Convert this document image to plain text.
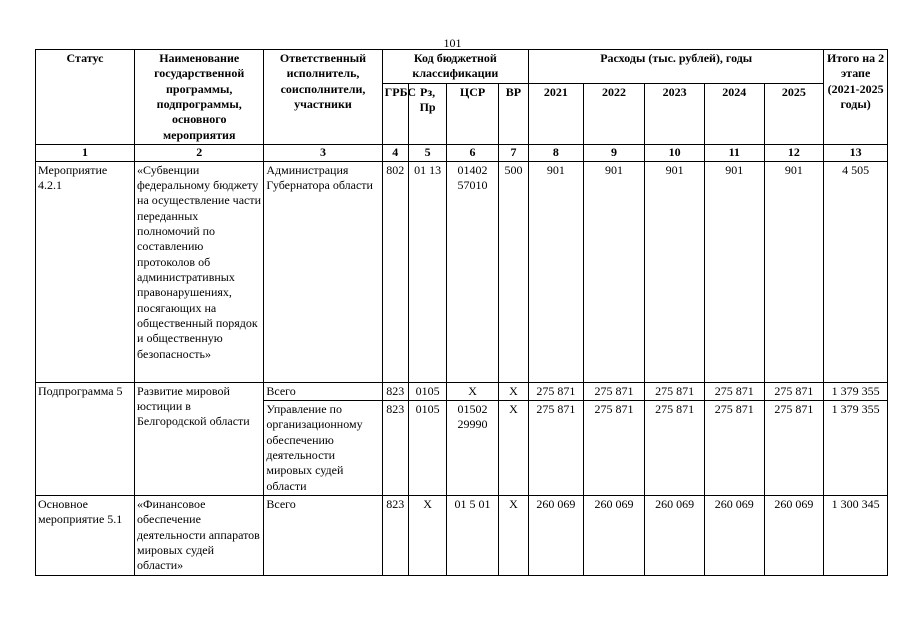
101
Статус	Наименование государственной программы, подпрограммы, основного мероприятия	Ответственный исполнитель, соисполнители, участники	Код бюджетной классификации				Расходы (тыс. рублей), годы					Итого на 2 этапе (2021-2025 годы)
			ГРБС	Рз, Пр	ЦСР	ВР	2021	2022	2023	2024	2025	
1	2	3	4	5	6	7	8	9	10	11	12	13
Мероприятие 4.2.1	«Субвенции федеральному бюджету на осуществление части переданных полномочий по составлению протоколов об административных правонарушениях, посягающих на общественный порядок и общественную безопасность»	Администрация Губернатора области	802	01 13	01402 57010	500	901	901	901	901	901	4 505
Подпрограмма 5	Развитие мировой юстиции в Белгородской области	Всего	823	0105	Х	Х	275 871	275 871	275 871	275 871	275 871	1 379 355
		Управление по организационному обеспечению деятельности мировых судей области	823	0105	01502 29990	Х	275 871	275 871	275 871	275 871	275 871	1 379 355
Основное мероприятие 5.1	«Финансовое обеспечение деятельности аппаратов мировых судей области»	Всего	823	Х	01 5 01	Х	260 069	260 069	260 069	260 069	260 069	1 300 345
